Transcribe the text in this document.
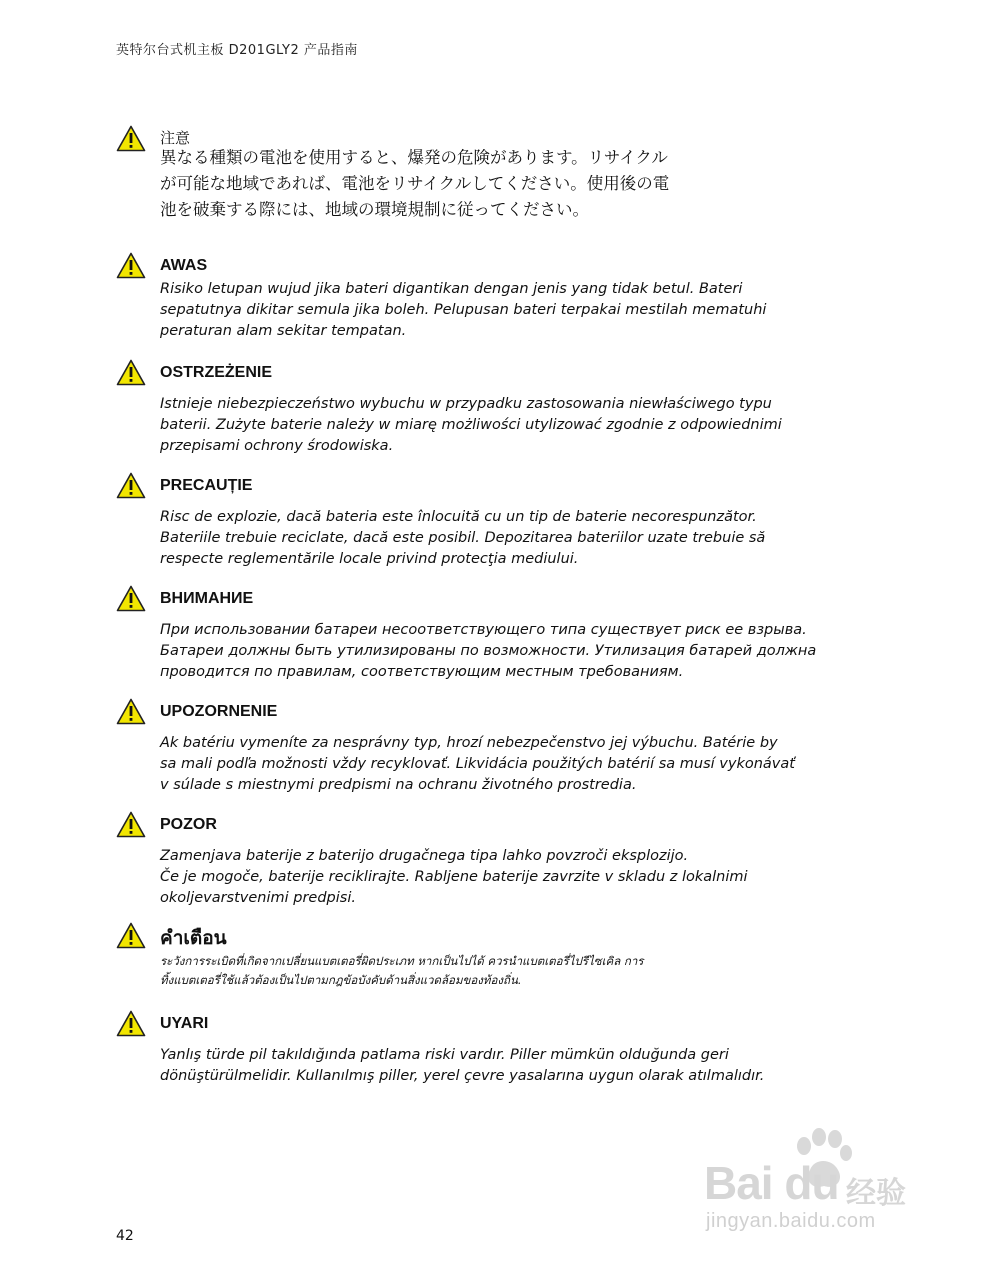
英特尔台式机主板 D201GLY2 产品指南
注意
異なる種類の電池を使用すると、爆発の危険があります。リサイクル
が可能な地域であれば、電池をリサイクルしてください。使用後の電
池を破棄する際には、地域の環境規制に従ってください。
AWAS
Risiko letupan wujud jika bateri digantikan dengan jenis yang tidak betul. Bateri
sepatutnya dikitar semula jika boleh. Pelupusan bateri terpakai mestilah mematuhi
peraturan alam sekitar tempatan.
OSTRZEŻENIE
Istnieje niebezpieczeństwo wybuchu w przypadku zastosowania niewłaściwego typu
baterii. Zużyte baterie należy w miarę możliwości utylizować zgodnie z odpowiednimi
przepisami ochrony środowiska.
PRECAUȚIE
Risc de explozie, dacă bateria este înlocuită cu un tip de baterie necorespunzător.
Bateriile trebuie reciclate, dacă este posibil. Depozitarea bateriilor uzate trebuie să
respecte reglementările locale privind protecţia mediului.
ВНИМАНИЕ
При использовании батареи несоответствующего типа существует риск ее взрыва.
Батареи должны быть утилизированы по возможности. Утилизация батарей должна
проводится по правилам, соответствующим местным требованиям.
UPOZORNENIE
Ak batériu vymeníte za nesprávny typ, hrozí nebezpečenstvo jej výbuchu. Batérie by
sa mali podľa možnosti vždy recyklovať. Likvidácia použitých batérií sa musí vykonávať
v súlade s miestnymi predpismi na ochranu životného prostredia.
POZOR
Zamenjava baterije z baterijo drugačnega tipa lahko povzroči eksplozijo.
Če je mogoče, baterije reciklirajte. Rabljene baterije zavrzite v skladu z lokalnimi
okoljevarstvenimi predpisi.
คำเตือน
ระวังการระเบิดที่เกิดจากเปลี่ยนแบตเตอรี่ผิดประเภท หากเป็นไปได้ ควรนำแบตเตอรี่ไปรีไซเคิล การ
ทิ้งแบตเตอรี่ใช้แล้วต้องเป็นไปตามกฎข้อบังคับด้านสิ่งแวดล้อมของท้องถิ่น.
UYARI
Yanlış türde pil takıldığında patlama riski vardır. Piller mümkün olduğunda geri
dönüştürülmelidir. Kullanılmış piller, yerel çevre yasalarına uygun olarak atılmalıdır.
Bai du 经验
jingyan.baidu.com
42
